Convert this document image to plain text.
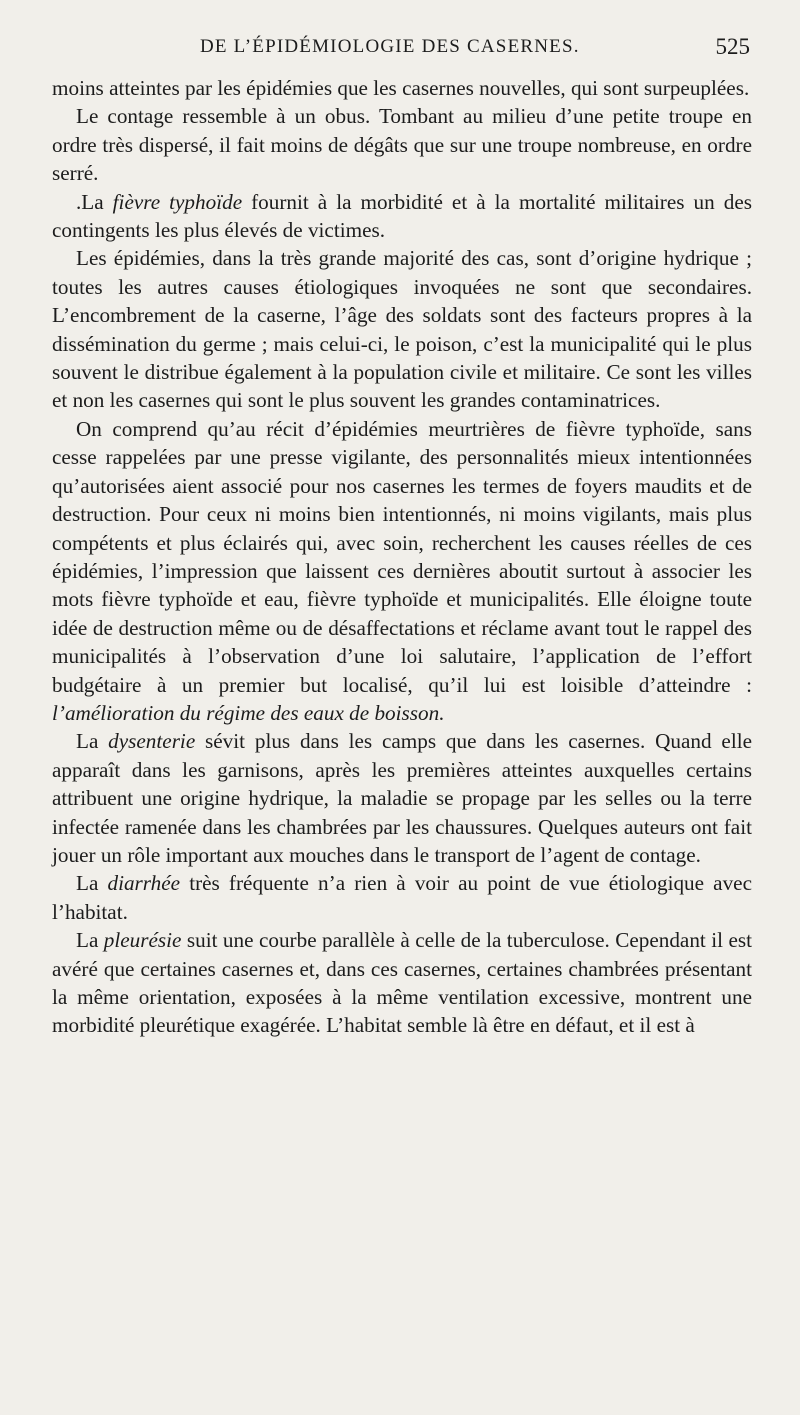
DE L’ÉPIDÉMIOLOGIE DES CASERNES.	525

moins atteintes par les épidémies que les casernes nouvelles, qui sont surpeuplées.

Le contage ressemble à un obus. Tombant au milieu d’une petite troupe en ordre très dispersé, il fait moins de dégâts que sur une troupe nombreuse, en ordre serré.

.La fièvre typhoïde fournit à la morbidité et à la mortalité militaires un des contingents les plus élevés de victimes.

Les épidémies, dans la très grande majorité des cas, sont d’origine hydrique ; toutes les autres causes étiologiques invoquées ne sont que secondaires. L’encombrement de la caserne, l’âge des soldats sont des facteurs propres à la dissémination du germe ; mais celui-ci, le poison, c’est la municipalité qui le plus souvent le distribue également à la population civile et militaire. Ce sont les villes et non les casernes qui sont le plus souvent les grandes contaminatrices.

On comprend qu’au récit d’épidémies meurtrières de fièvre typhoïde, sans cesse rappelées par une presse vigilante, des personnalités mieux intentionnées qu’autorisées aient associé pour nos casernes les termes de foyers maudits et de destruction. Pour ceux ni moins bien intentionnés, ni moins vigilants, mais plus compétents et plus éclairés qui, avec soin, recherchent les causes réelles de ces épidémies, l’impression que laissent ces dernières aboutit surtout à associer les mots fièvre typhoïde et eau, fièvre typhoïde et municipalités. Elle éloigne toute idée de destruction même ou de désaffectations et réclame avant tout le rappel des municipalités à l’observation d’une loi salutaire, l’application de l’effort budgétaire à un premier but localisé, qu’il lui est loisible d’atteindre : l’amélioration du régime des eaux de boisson.

La dysenterie sévit plus dans les camps que dans les casernes. Quand elle apparaît dans les garnisons, après les premières atteintes auxquelles certains attribuent une origine hydrique, la maladie se propage par les selles ou la terre infectée ramenée dans les chambrées par les chaussures. Quelques auteurs ont fait jouer un rôle important aux mouches dans le transport de l’agent de contage.

La diarrhée très fréquente n’a rien à voir au point de vue étiologique avec l’habitat.

La pleurésie suit une courbe parallèle à celle de la tuberculose. Cependant il est avéré que certaines casernes et, dans ces casernes, certaines chambrées présentant la même orientation, exposées à la même ventilation excessive, montrent une morbidité pleurétique exagérée. L’habitat semble là être en défaut, et il est à
